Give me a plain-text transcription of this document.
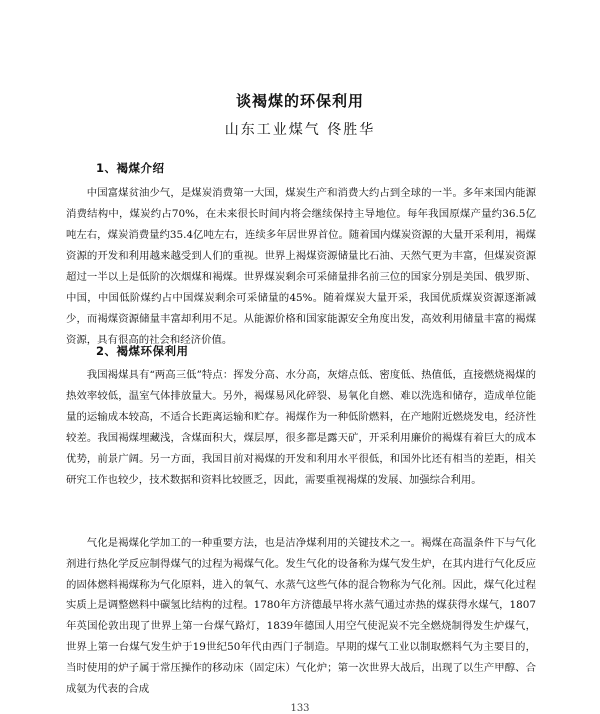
谈褐煤的环保利用
山东工业煤气 佟胜华
1、褐煤介绍

中国富煤贫油少气，是煤炭消费第一大国，煤炭生产和消费大约占到全球的一半。多年来国内能源消费结构中，煤炭约占70%，在未来很长时间内将会继续保持主导地位。每年我国原煤产量约36.5亿吨左右，煤炭消费量约35.4亿吨左右，连续多年居世界首位。随着国内煤炭资源的大量开采利用，褐煤资源的开发和利用越来越受到人们的重视。世界上褐煤资源储量比石油、天然气更为丰富，但煤炭资源超过一半以上是低阶的次烟煤和褐煤。世界煤炭剩余可采储量排名前三位的国家分别是美国、俄罗斯、中国，中国低阶煤约占中国煤炭剩余可采储量的45%。随着煤炭大量开采，我国优质煤炭资源逐渐减少，而褐煤资源储量丰富却利用不足。从能源价格和国家能源安全角度出发，高效利用储量丰富的褐煤资源，具有很高的社会和经济价值。

2、褐煤环保利用

我国褐煤具有“两高三低”特点：挥发分高、水分高，灰熔点低、密度低、热值低，直接燃烧褐煤的热效率较低，温室气体排放量大。另外，褐煤易风化碎裂、易氧化自燃、难以洗选和储存，造成单位能量的运输成本较高，不适合长距离运输和贮存。褐煤作为一种低阶燃料，在产地附近燃烧发电，经济性较差。我国褐煤埋藏浅，含煤面积大，煤层厚，很多都是露天矿，开采利用廉价的褐煤有着巨大的成本优势，前景广阔。另一方面，我国目前对褐煤的开发和利用水平很低，和国外比还有相当的差距，相关研究工作也较少，技术数据和资料比较匮乏，因此，需要重视褐煤的发展、加强综合利用。

气化是褐煤化学加工的一种重要方法，也是洁净煤利用的关键技术之一。褐煤在高温条件下与气化剂进行热化学反应制得煤气的过程为褐煤气化。发生气化的设备称为煤气发生炉，在其内进行气化反应的固体燃料褐煤称为气化原料，进入的氧气、水蒸气这些气体的混合物称为气化剂。因此，煤气化过程实质上是调整燃料中碳氢比结构的过程。1780年方济德最早将水蒸气通过赤热的煤获得水煤气，1807年英国伦敦出现了世界上第一台煤气路灯，1839年德国人用空气使泥炭不完全燃烧制得发生炉煤气，世界上第一台煤气发生炉于19世纪50年代由西门子制造。早期的煤气工业以制取燃料气为主要目的，当时使用的炉子属于常压操作的移动床（固定床）气化炉；第一次世界大战后，出现了以生产甲醇、合成氨为代表的合成

133
